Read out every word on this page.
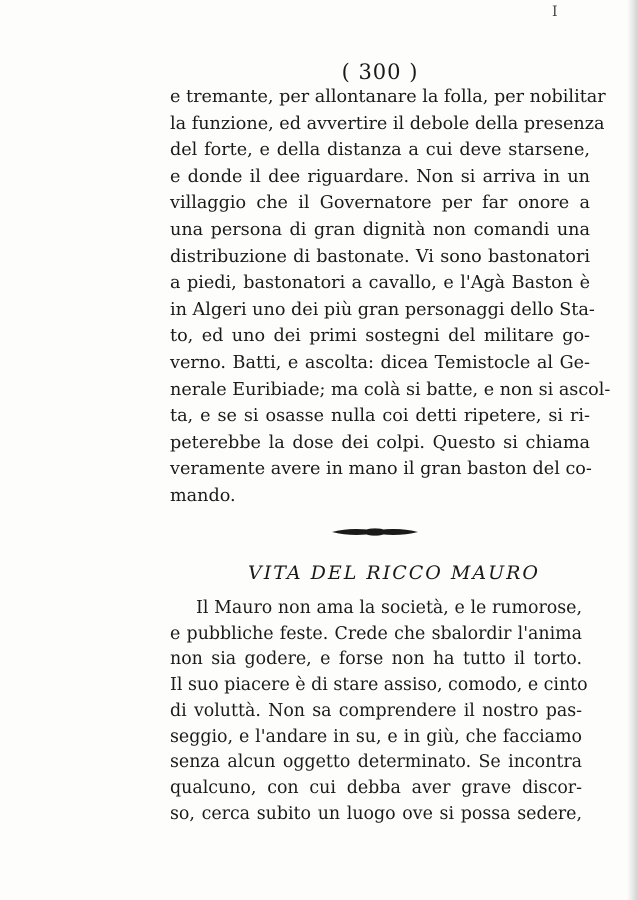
I
( 300 )
e tremante, per allontanare la folla, per nobilitar
la funzione, ed avvertire il debole della presenza
del forte, e della distanza a cui deve starsene,
e donde il dee riguardare. Non si arriva in un
villaggio che il Governatore per far onore a
una persona di gran dignità non comandi una
distribuzione di bastonate. Vi sono bastonatori
a piedi, bastonatori a cavallo, e l'Agà Baston è
in Algeri uno dei più gran personaggi dello Sta-
to, ed uno dei primi sostegni del militare go-
verno. Batti, e ascolta: dicea Temistocle al Ge-
nerale Euribiade; ma colà si batte, e non si ascol-
ta, e se si osasse nulla coi detti ripetere, si ri-
peterebbe la dose dei colpi. Questo si chiama
veramente avere in mano il gran baston del co-
mando.
VITA DEL RICCO MAURO
Il Mauro non ama la società, e le rumorose,
e pubbliche feste. Crede che sbalordir l'anima
non sia godere, e forse non ha tutto il torto.
Il suo piacere è di stare assiso, comodo, e cinto
di voluttà. Non sa comprendere il nostro pas-
seggio, e l'andare in su, e in giù, che facciamo
senza alcun oggetto determinato. Se incontra
qualcuno, con cui debba aver grave discor-
so, cerca subito un luogo ove si possa sedere,
